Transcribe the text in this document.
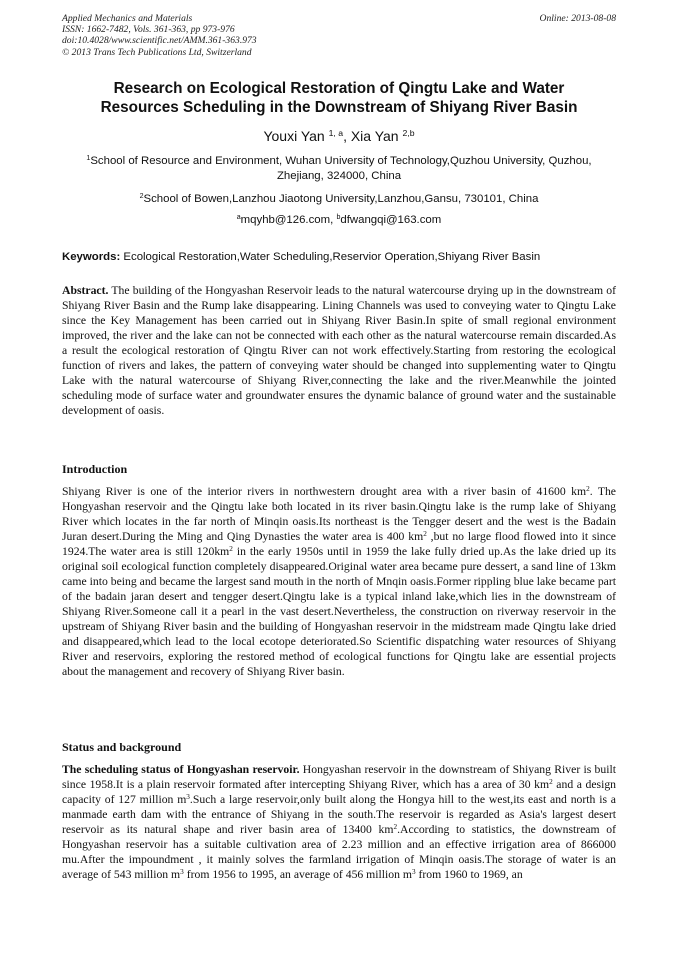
Applied Mechanics and Materials
ISSN: 1662-7482, Vols. 361-363, pp 973-976
doi:10.4028/www.scientific.net/AMM.361-363.973
© 2013 Trans Tech Publications Ltd, Switzerland
Online: 2013-08-08
Research on Ecological Restoration of Qingtu Lake and Water
Resources Scheduling in the Downstream of Shiyang River Basin
Youxi Yan $^{1, a}$, Xia Yan $^{2,b}$
$^1$School of Resource and Environment, Wuhan University of Technology,Quzhou University, Quzhou, Zhejiang, 324000, China
$^2$School of Bowen,Lanzhou Jiaotong University,Lanzhou,Gansu, 730101, China
$^a$mqyhb@126.com, $^b$dfwangqi@163.com
Keywords: Ecological Restoration,Water Scheduling,Reservior Operation,Shiyang River Basin
Abstract. The building of the Hongyashan Reservoir leads to the natural watercourse drying up in the downstream of Shiyang River Basin and the Rump lake disappearing. Lining Channels was used to conveying water to Qingtu Lake since the Key Management has been carried out in Shiyang River Basin.In spite of small regional environment improved, the river and the lake can not be connected with each other as the natural watercourse remain discarded.As a result the ecological restoration of Qingtu River can not work effectively.Starting from restoring the ecological function of rivers and lakes, the pattern of conveying water should be changed into supplementing water to Qingtu Lake with the natural watercourse of Shiyang River,connecting the lake and the river.Meanwhile the jointed scheduling mode of surface water and groundwater ensures the dynamic balance of ground water and the sustainable development of oasis.
Introduction
Shiyang River is one of the interior rivers in northwestern drought area with a river basin of 41600 $km^2$. The Hongyashan reservoir and the Qingtu lake both located in its river basin.Qingtu lake is the rump lake of Shiyang River which locates in the far north of Minqin oasis.Its northeast is the Tengger desert and the west is the Badain Juran desert.During the Ming and Qing Dynasties the water area is 400 $km^2$ ,but no large flood flowed into it since 1924.The water area is still $120km^2$ in the early 1950s until in 1959 the lake fully dried up.As the lake dried up its original soil ecological function completely disappeared.Original water area became pure dessert, a sand line of 13km came into being and became the largest sand mouth in the north of Mnqin oasis.Former rippling blue lake became part of the badain jaran desert and tengger desert.Qingtu lake is a typical inland lake,which lies in the downstream of Shiyang River.Someone call it a pearl in the vast desert.Nevertheless, the construction on riverway reservoir in the upstream of Shiyang River basin and the building of Hongyashan reservoir in the midstream made Qingtu lake dried and disappeared,which lead to the local ecotope deteriorated.So Scientific dispatching water resources of Shiyang River and reservoirs, exploring the restored method of ecological functions for Qingtu lake are essential projects about the management and recovery of Shiyang River basin.
Status and background
The scheduling status of Hongyashan reservoir. Hongyashan reservoir in the downstream of Shiyang River is built since 1958.It is a plain reservoir formated after intercepting Shiyang River, which has a area of 30 $km^2$ and a design capacity of 127 million $m^3.Such$ a large reservoir,only built along the Hongya hill to the west,its east and north is a manmade earth dam with the entrance of Shiyang in the south.The reservoir is regarded as Asia's largest desert reservoir as its natural shape and river basin area of 13400 $km^2.According$ to statistics, the downstream of Hongyashan reservoir has a suitable cultivation area of 2.23 million and an effective irrigation area of 866000 mu.After the impoundment , it mainly solves the farmland irrigation of Minqin oasis.The storage of water is an average of 543 million $m^3$ from 1956 to 1995, an average of 456 million $m^3$ from 1960 to 1969, an
